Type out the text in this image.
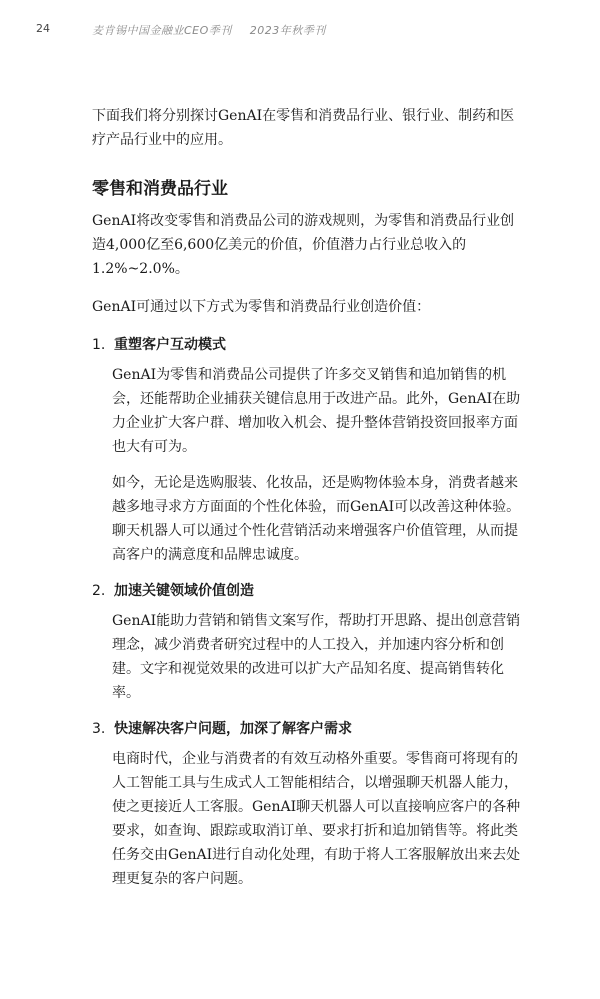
24	麦肯锡中国金融业CEO季刊 2023年秋季刊

下面我们将分别探讨GenAI在零售和消费品行业、银行业、制药和医疗产品行业中的应用。

零售和消费品行业

GenAI将改变零售和消费品公司的游戏规则，为零售和消费品行业创造4,000亿至6,600亿美元的价值，价值潜力占行业总收入的1.2%~2.0%。

GenAI可通过以下方式为零售和消费品行业创造价值：

1. 重塑客户互动模式

GenAI为零售和消费品公司提供了许多交叉销售和追加销售的机会，还能帮助企业捕获关键信息用于改进产品。此外，GenAI在助力企业扩大客户群、增加收入机会、提升整体营销投资回报率方面也大有可为。

如今，无论是选购服装、化妆品，还是购物体验本身，消费者越来越多地寻求方方面面的个性化体验，而GenAI可以改善这种体验。聊天机器人可以通过个性化营销活动来增强客户价值管理，从而提高客户的满意度和品牌忠诚度。

2. 加速关键领域价值创造

GenAI能助力营销和销售文案写作，帮助打开思路、提出创意营销理念，减少消费者研究过程中的人工投入，并加速内容分析和创建。文字和视觉效果的改进可以扩大产品知名度、提高销售转化率。

3. 快速解决客户问题，加深了解客户需求

电商时代，企业与消费者的有效互动格外重要。零售商可将现有的人工智能工具与生成式人工智能相结合，以增强聊天机器人能力，使之更接近人工客服。GenAI聊天机器人可以直接响应客户的各种要求，如查询、跟踪或取消订单、要求打折和追加销售等。将此类任务交由GenAI进行自动化处理，有助于将人工客服解放出来去处理更复杂的客户问题。
